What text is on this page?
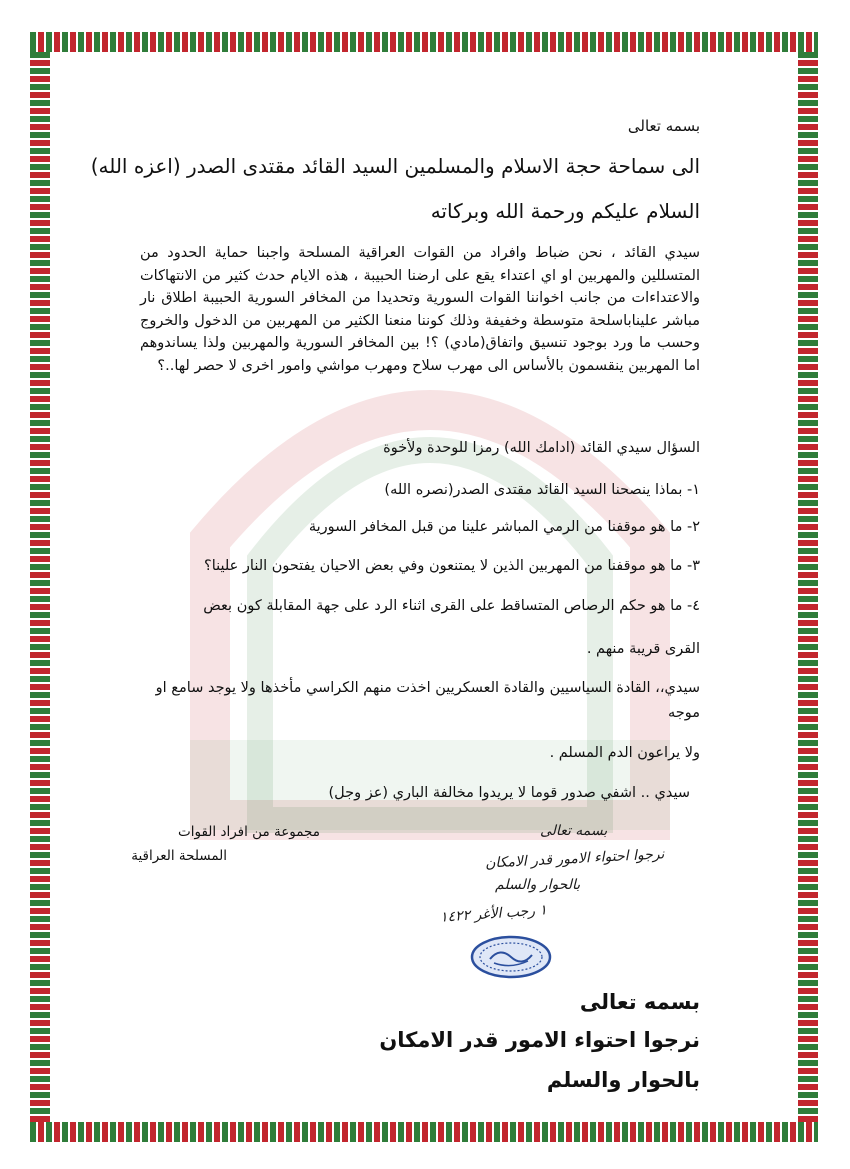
بسمه تعالى
الى سماحة حجة الاسلام والمسلمين السيد القائد مقتدى الصدر (اعزه الله)
السلام عليكم ورحمة الله وبركاته
سيدي القائد ، نحن ضباط وافراد من القوات العراقية المسلحة واجبنا حماية الحدود من المتسللين والمهربين او اي اعتداء يقع على ارضنا الحبيبة ، هذه الايام حدث كثير من الانتهاكات والاعتداءات من جانب اخواننا القوات السورية وتحديدا من المخافر السورية الحبيبة اطلاق نار مباشر عليناباسلحة متوسطة وخفيفة وذلك كوننا منعنا الكثير من المهربين من الدخول والخروج وحسب ما ورد بوجود تنسيق واتفاق(مادي) ؟! بين المخافر السورية والمهربين ولذا يساندوهم اما المهربين ينقسمون بالأساس الى مهرب سلاح ومهرب مواشي وامور اخرى لا حصر لها..؟
السؤال سيدي القائد (ادامك الله) رمزا للوحدة ولأخوة
١- بماذا ينصحنا السيد القائد مقتدى الصدر(نصره الله)
٢- ما هو موقفنا من الرمي المباشر علينا من قبل المخافر السورية
٣- ما هو موقفنا من المهربين الذين لا يمتنعون وفي بعض الاحيان يفتحون النار علينا؟
٤- ما هو حكم الرصاص المتساقط على القرى اثناء الرد على جهة المقابلة كون بعض
القرى قريبة منهم .
سيدي،، القادة السياسيين والقادة العسكريين اخذت منهم الكراسي مأخذها ولا يوجد سامع او
موجه
ولا يراعون الدم المسلم .
سيدي .. اشفي صدور قوما لا يريدوا مخالفة الباري (عز وجل)
مجموعة من افراد القوات
المسلحة العراقية
بسمه تعالى
نرجوا احتواء الامور قدر الامكان
بالحوار والسلم
١ رجب الأغر ١٤٢٢
بسمه تعالى
نرجوا احتواء الامور قدر الامكان
بالحوار والسلم
